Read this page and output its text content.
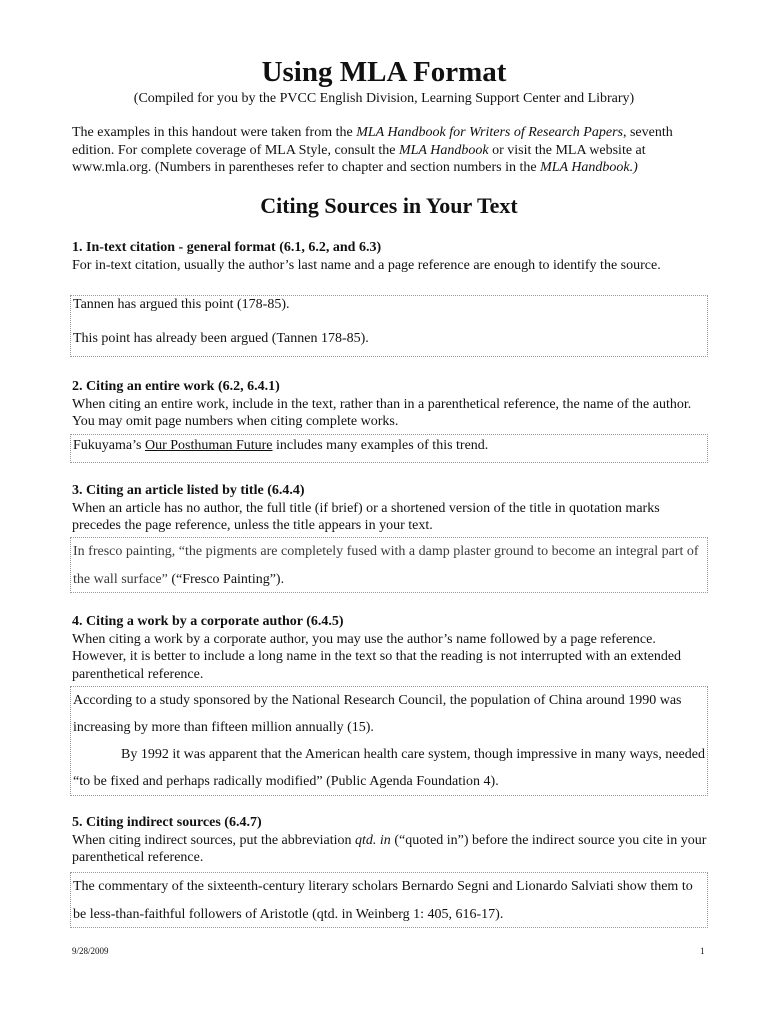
Using MLA Format
(Compiled for you by the PVCC English Division, Learning Support Center and Library)
The examples in this handout were taken from the MLA Handbook for Writers of Research Papers, seventh edition. For complete coverage of MLA Style, consult the MLA Handbook or visit the MLA website at www.mla.org. (Numbers in parentheses refer to chapter and section numbers in the MLA Handbook.)
Citing Sources in Your Text
1. In-text citation - general format (6.1, 6.2, and 6.3)
For in-text citation, usually the author’s last name and a page reference are enough to identify the source.

Tannen has argued this point (178-85).

This point has already been argued (Tannen 178-85).

2. Citing an entire work (6.2, 6.4.1)
When citing an entire work, include in the text, rather than in a parenthetical reference, the name of the author. You may omit page numbers when citing complete works.

Fukuyama’s Our Posthuman Future includes many examples of this trend.

3. Citing an article listed by title (6.4.4)
When an article has no author, the full title (if brief) or a shortened version of the title in quotation marks precedes the page reference, unless the title appears in your text.

In fresco painting, “the pigments are completely fused with a damp plaster ground to become an integral part of the wall surface” (“Fresco Painting”).

4. Citing a work by a corporate author (6.4.5)
When citing a work by a corporate author, you may use the author’s name followed by a page reference. However, it is better to include a long name in the text so that the reading is not interrupted with an extended parenthetical reference.

According to a study sponsored by the National Research Council, the population of China around 1990 was increasing by more than fifteen million annually (15).

By 1992 it was apparent that the American health care system, though impressive in many ways, needed “to be fixed and perhaps radically modified” (Public Agenda Foundation 4).

5. Citing indirect sources (6.4.7)
When citing indirect sources, put the abbreviation qtd. in (“quoted in”) before the indirect source you cite in your parenthetical reference.

The commentary of the sixteenth-century literary scholars Bernardo Segni and Lionardo Salviati show them to be less-than-faithful followers of Aristotle (qtd. in Weinberg 1: 405, 616-17).

9/28/2009	1
